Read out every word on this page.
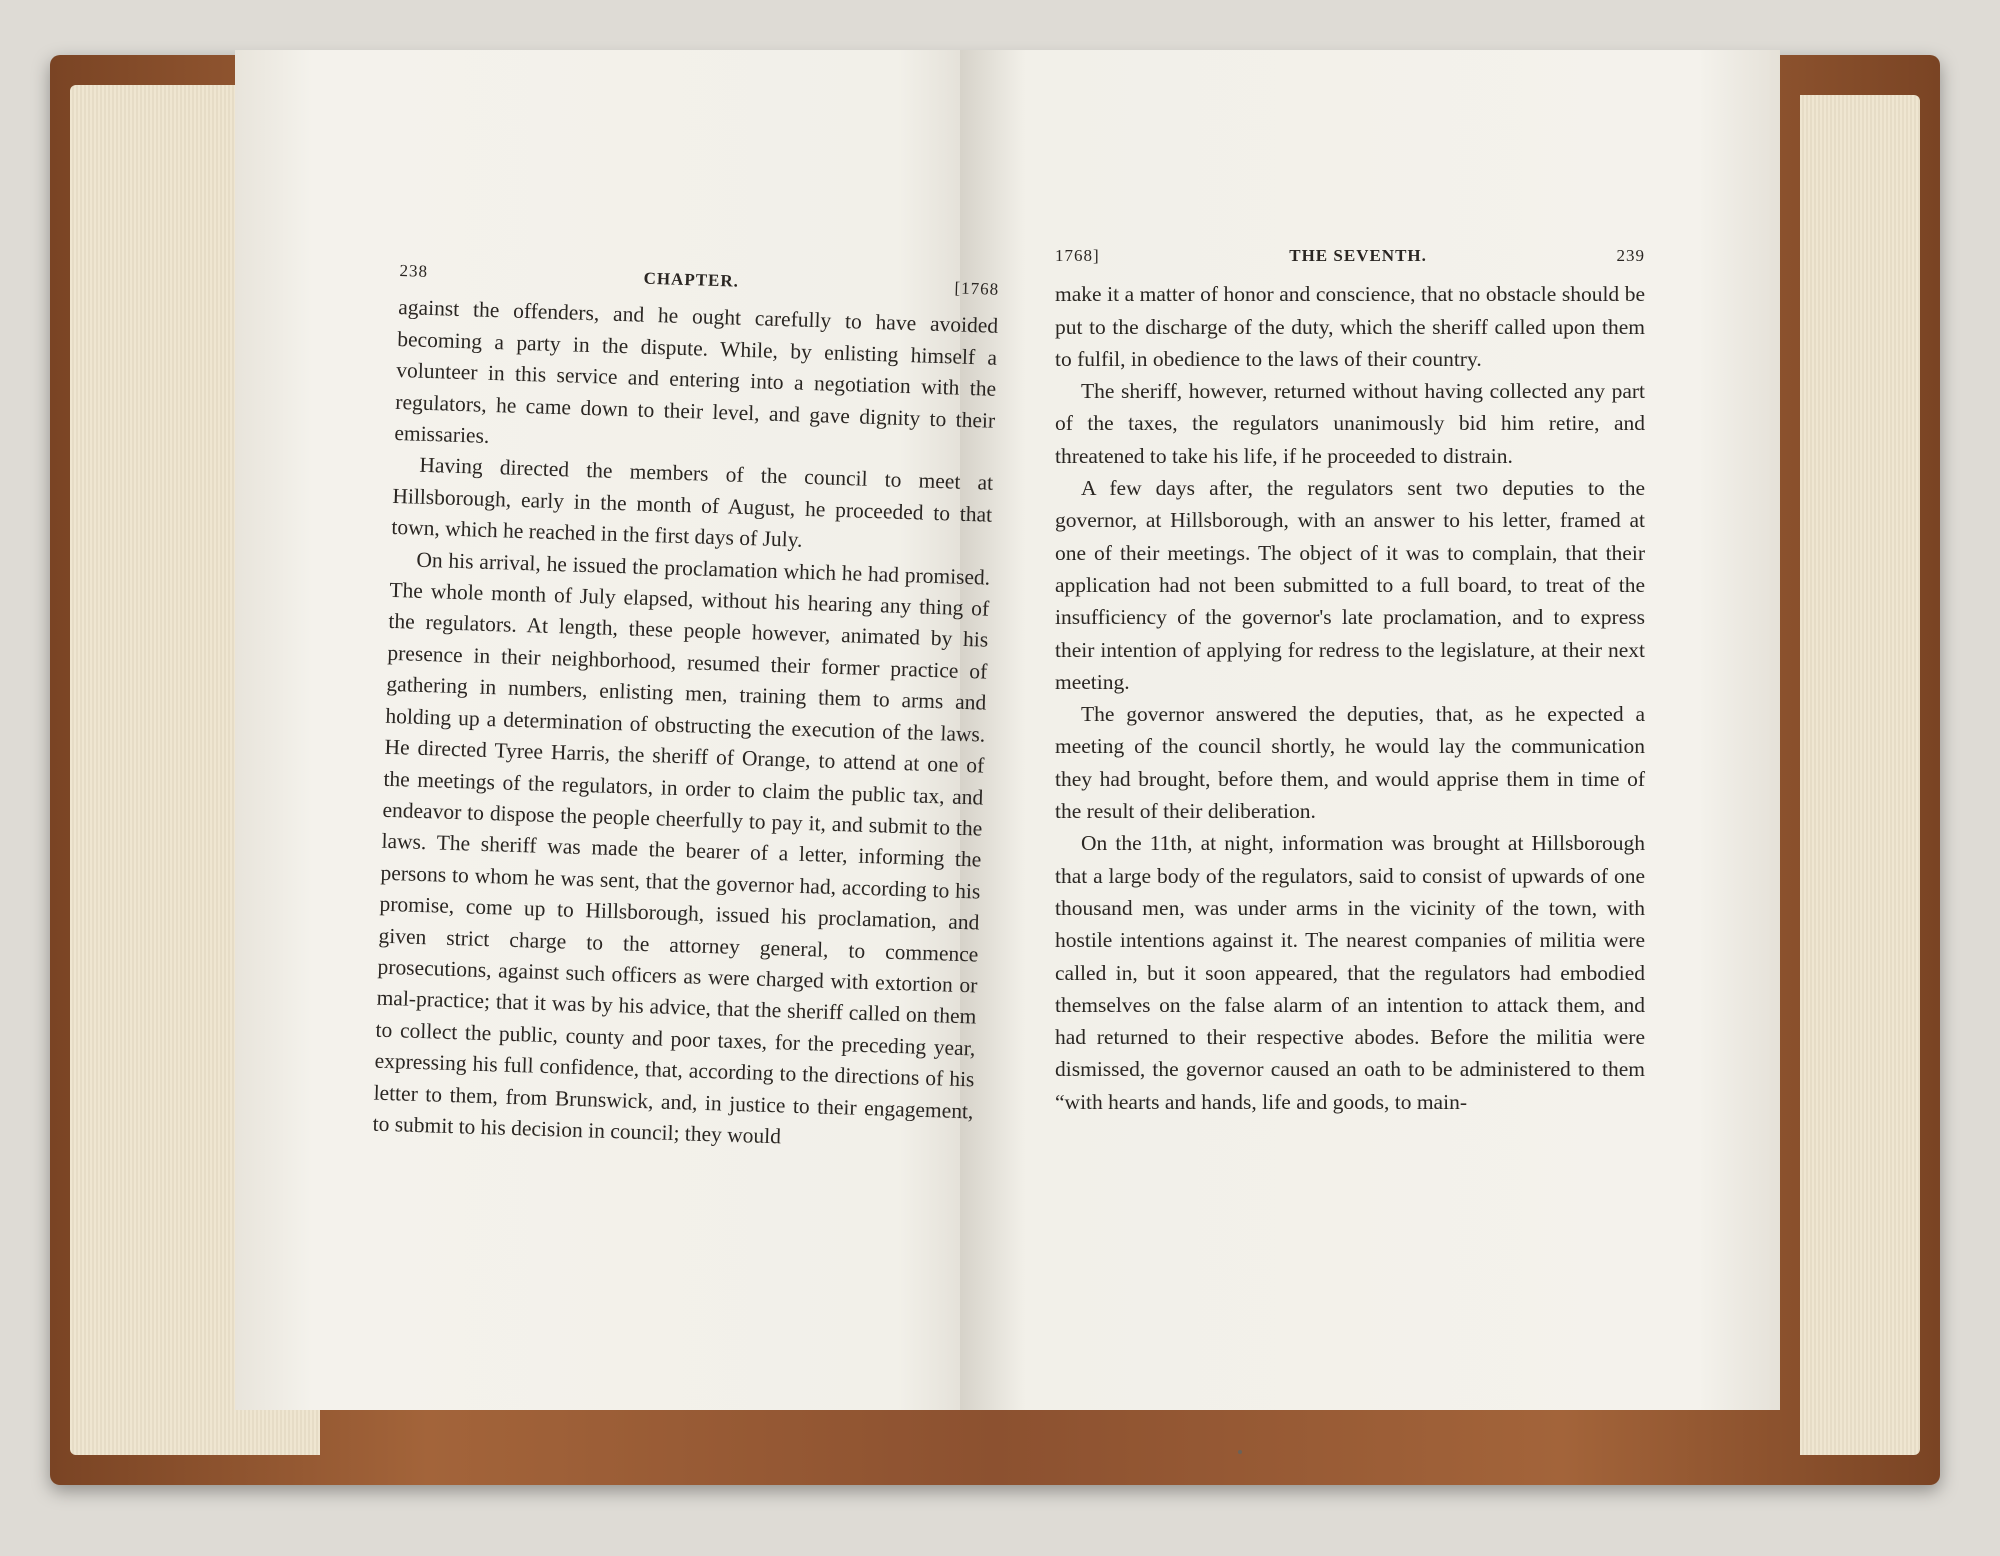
238	CHAPTER.	[1768

against the offenders, and he ought carefully to have avoided becoming a party in the dispute. While, by enlisting himself a volunteer in this service and entering into a negotiation with the regulators, he came down to their level, and gave dignity to their emissaries.

Having directed the members of the council to meet at Hillsborough, early in the month of August, he proceeded to that town, which he reached in the first days of July.

On his arrival, he issued the proclamation which he had promised. The whole month of July elapsed, without his hearing any thing of the regulators. At length, these people however, animated by his presence in their neighborhood, resumed their former practice of gathering in numbers, enlisting men, training them to arms and holding up a determination of obstructing the execution of the laws. He directed Tyree Harris, the sheriff of Orange, to attend at one of the meetings of the regulators, in order to claim the public tax, and endeavor to dispose the people cheerfully to pay it, and submit to the laws. The sheriff was made the bearer of a letter, informing the persons to whom he was sent, that the governor had, according to his promise, come up to Hillsborough, issued his proclamation, and given strict charge to the attorney general, to commence prosecutions, against such officers as were charged with extortion or mal-practice; that it was by his advice, that the sheriff called on them to collect the public, county and poor taxes, for the preceding year, expressing his full confidence, that, according to the directions of his letter to them, from Brunswick, and, in justice to their engagement, to submit to his decision in council; they would

1768]	THE SEVENTH.	239

make it a matter of honor and conscience, that no obstacle should be put to the discharge of the duty, which the sheriff called upon them to fulfil, in obedience to the laws of their country.

The sheriff, however, returned without having collected any part of the taxes, the regulators unanimously bid him retire, and threatened to take his life, if he proceeded to distrain.

A few days after, the regulators sent two deputies to the governor, at Hillsborough, with an answer to his letter, framed at one of their meetings. The object of it was to complain, that their application had not been submitted to a full board, to treat of the insufficiency of the governor's late proclamation, and to express their intention of applying for redress to the legislature, at their next meeting.

The governor answered the deputies, that, as he expected a meeting of the council shortly, he would lay the communication they had brought, before them, and would apprise them in time of the result of their deliberation.

On the 11th, at night, information was brought at Hillsborough that a large body of the regulators, said to consist of upwards of one thousand men, was under arms in the vicinity of the town, with hostile intentions against it. The nearest companies of militia were called in, but it soon appeared, that the regulators had embodied themselves on the false alarm of an intention to attack them, and had returned to their respective abodes. Before the militia were dismissed, the governor caused an oath to be administered to them “with hearts and hands, life and goods, to main-
